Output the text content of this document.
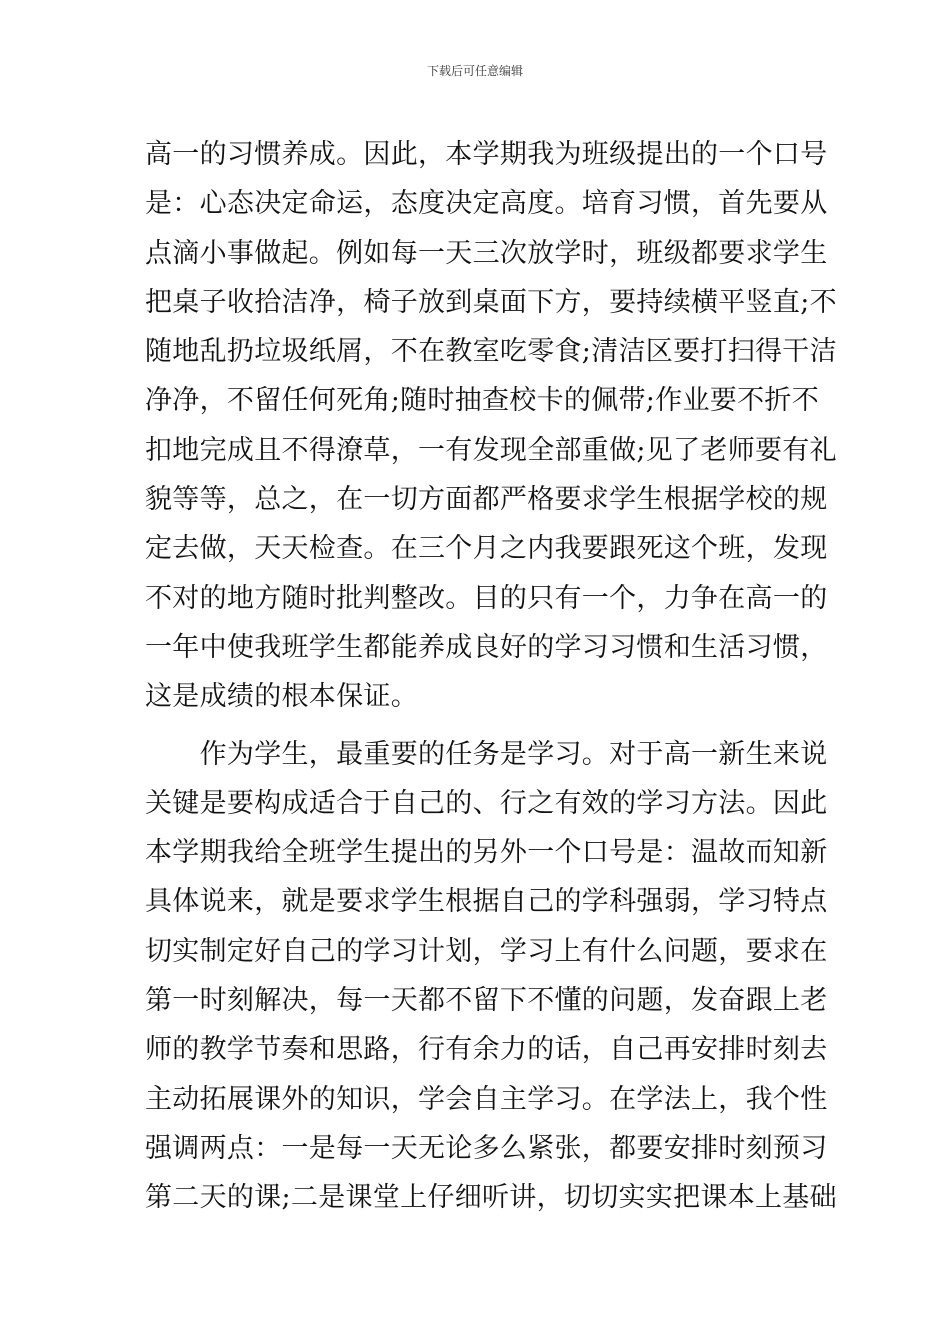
下载后可任意编辑
高一的习惯养成。因此，本学期我为班级提出的一个口号
是：心态决定命运，态度决定高度。培育习惯，首先要从
点滴小事做起。例如每一天三次放学时，班级都要求学生
把桌子收拾洁净，椅子放到桌面下方，要持续横平竖直;不
随地乱扔垃圾纸屑，不在教室吃零食;清洁区要打扫得干洁
净净，不留任何死角;随时抽查校卡的佩带;作业要不折不
扣地完成且不得潦草，一有发现全部重做;见了老师要有礼
貌等等，总之，在一切方面都严格要求学生根据学校的规
定去做，天天检查。在三个月之内我要跟死这个班，发现
不对的地方随时批判整改。目的只有一个，力争在高一的
一年中使我班学生都能养成良好的学习习惯和生活习惯，
这是成绩的根本保证。
　　作为学生，最重要的任务是学习。对于高一新生来说
关键是要构成适合于自己的、行之有效的学习方法。因此
本学期我给全班学生提出的另外一个口号是：温故而知新
具体说来，就是要求学生根据自己的学科强弱，学习特点
切实制定好自己的学习计划，学习上有什么问题，要求在
第一时刻解决，每一天都不留下不懂的问题，发奋跟上老
师的教学节奏和思路，行有余力的话，自己再安排时刻去
主动拓展课外的知识，学会自主学习。在学法上，我个性
强调两点：一是每一天无论多么紧张，都要安排时刻预习
第二天的课;二是课堂上仔细听讲，切切实实把课本上基础
